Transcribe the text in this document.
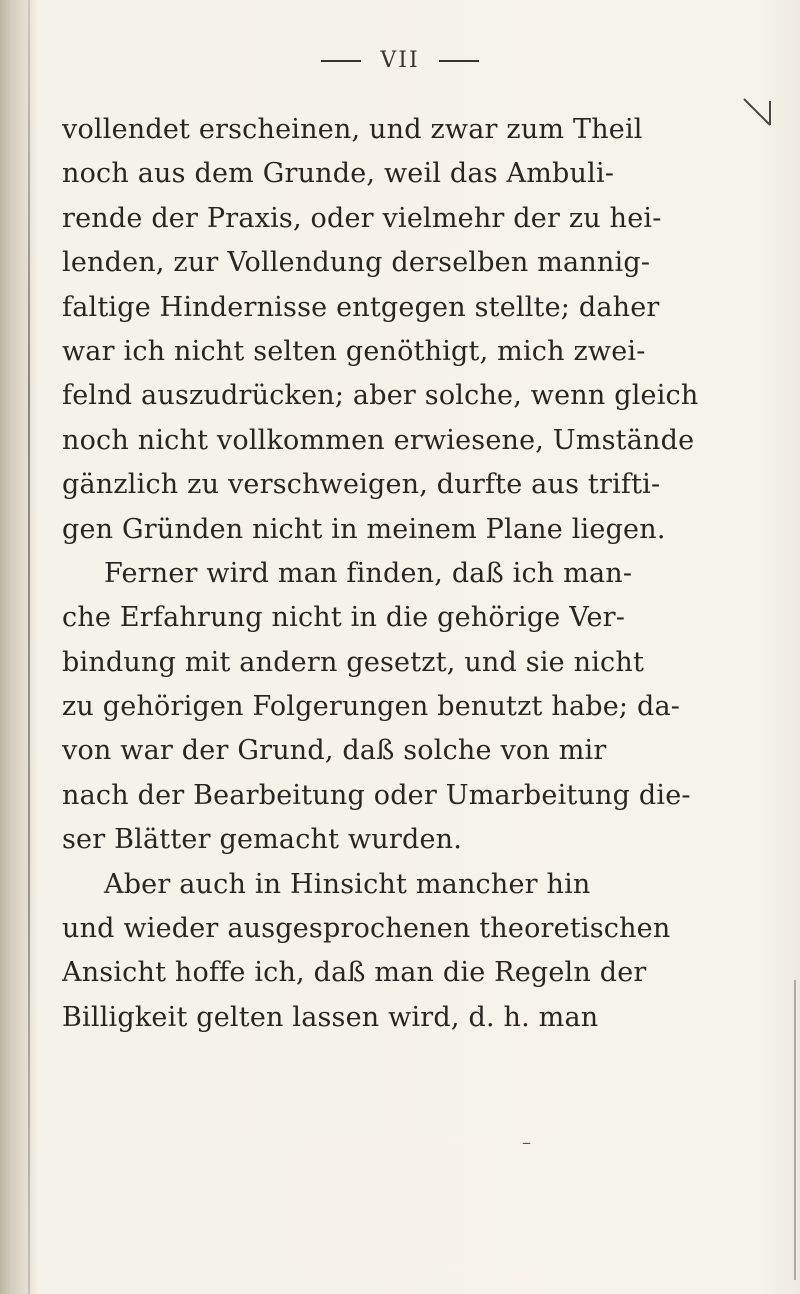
VII
vollendet erscheinen, und zwar zum Theil
noch aus dem Grunde, weil das Ambuli-
rende der Praxis, oder vielmehr der zu hei-
lenden, zur Vollendung derselben mannig-
faltige Hindernisse entgegen stellte; daher
war ich nicht selten genöthigt, mich zwei-
felnd auszudrücken; aber solche, wenn gleich
noch nicht vollkommen erwiesene, Umstände
gänzlich zu verschweigen, durfte aus trifti-
gen Gründen nicht in meinem Plane liegen.
Ferner wird man finden, daß ich man-
che Erfahrung nicht in die gehörige Ver-
bindung mit andern gesetzt, und sie nicht
zu gehörigen Folgerungen benutzt habe; da-
von war der Grund, daß solche von mir
nach der Bearbeitung oder Umarbeitung die-
ser Blätter gemacht wurden.
Aber auch in Hinsicht mancher hin
und wieder ausgesprochenen theoretischen
Ansicht hoffe ich, daß man die Regeln der
Billigkeit gelten lassen wird, d. h. man
–
